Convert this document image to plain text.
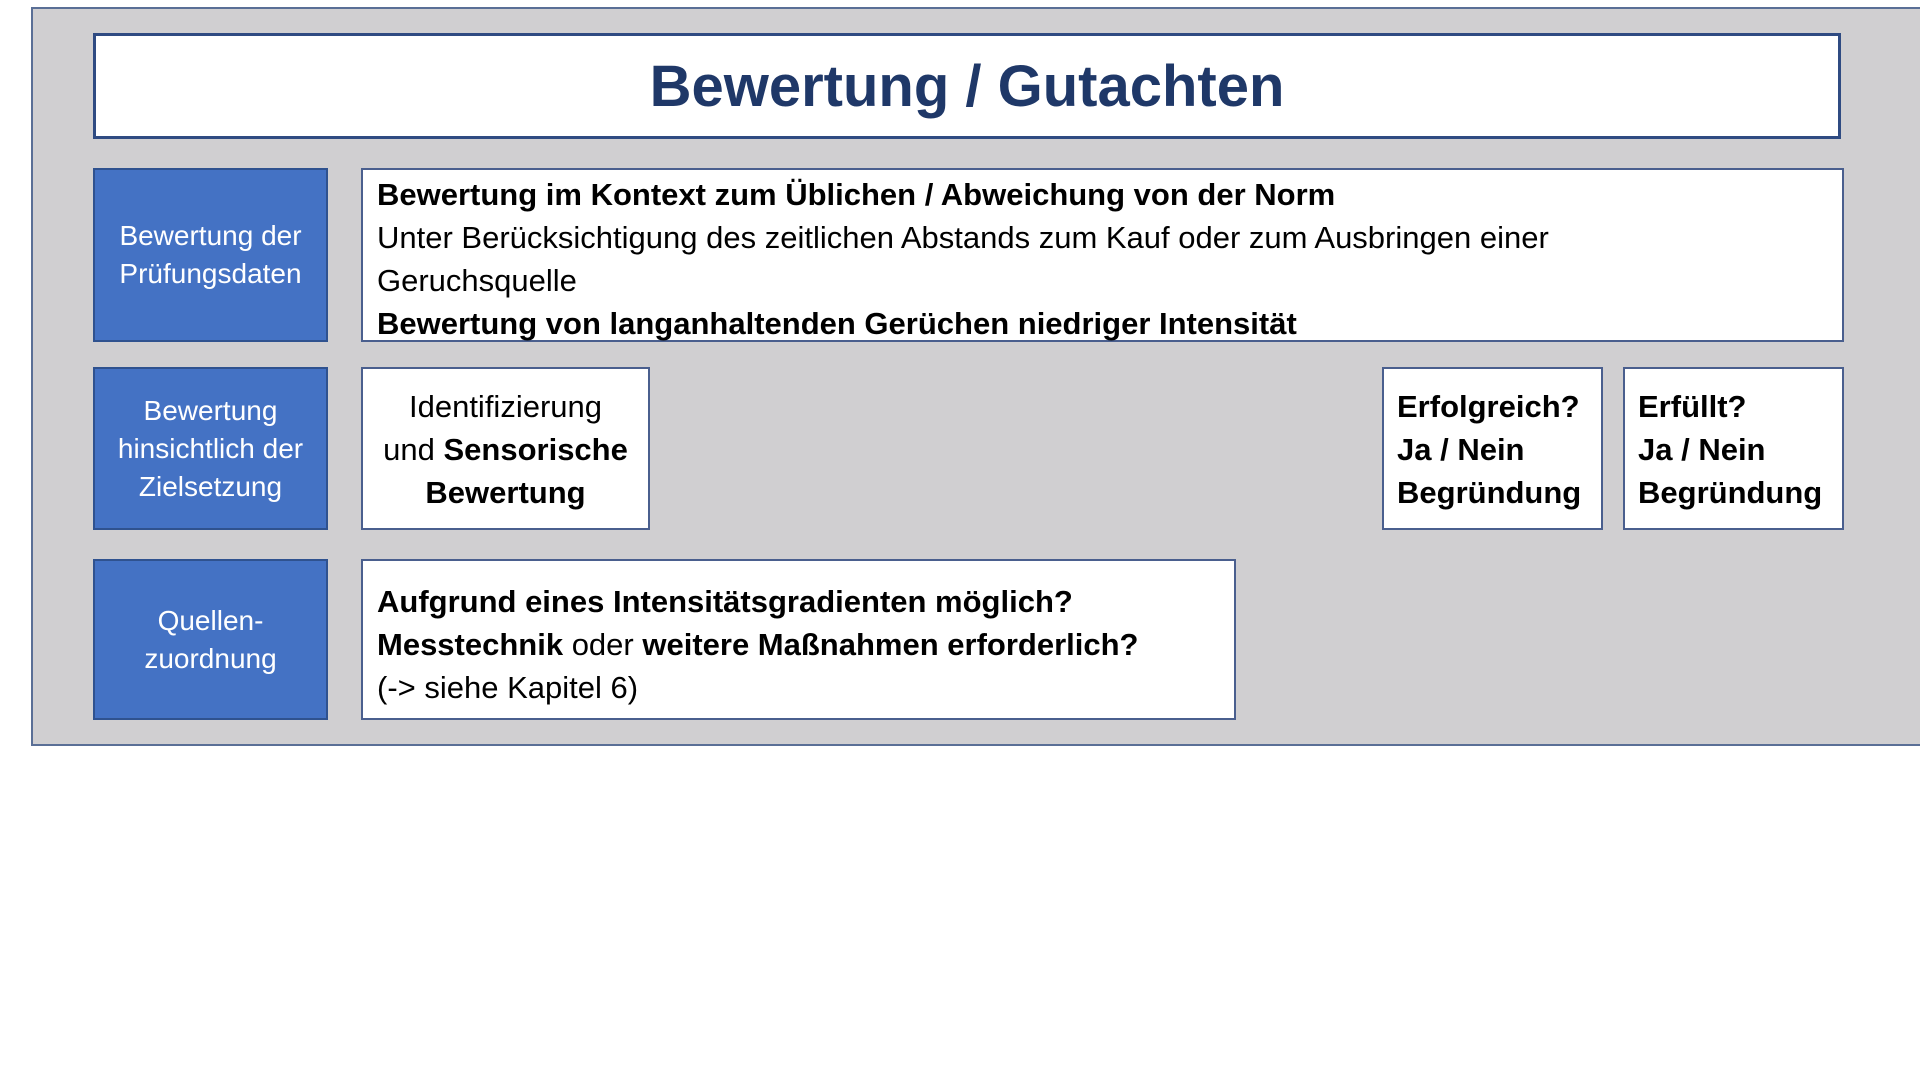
Bewertung / Gutachten
Bewertung der
Prüfungsdaten
Bewertung im Kontext zum Üblichen / Abweichung von der Norm
Unter Berücksichtigung des zeitlichen Abstands zum Kauf oder zum Ausbringen einer
Geruchsquelle
Bewertung von langanhaltenden Gerüchen niedriger Intensität
Bewertung
hinsichtlich der
Zielsetzung
Identifizierung
und Sensorische
Bewertung
Erfolgreich?
Ja / Nein
Begründung
Erfüllt?
Ja / Nein
Begründung
Quellen-
zuordnung
Aufgrund eines Intensitätsgradienten möglich?
Messtechnik oder weitere Maßnahmen erforderlich?
(-> siehe Kapitel 6)
